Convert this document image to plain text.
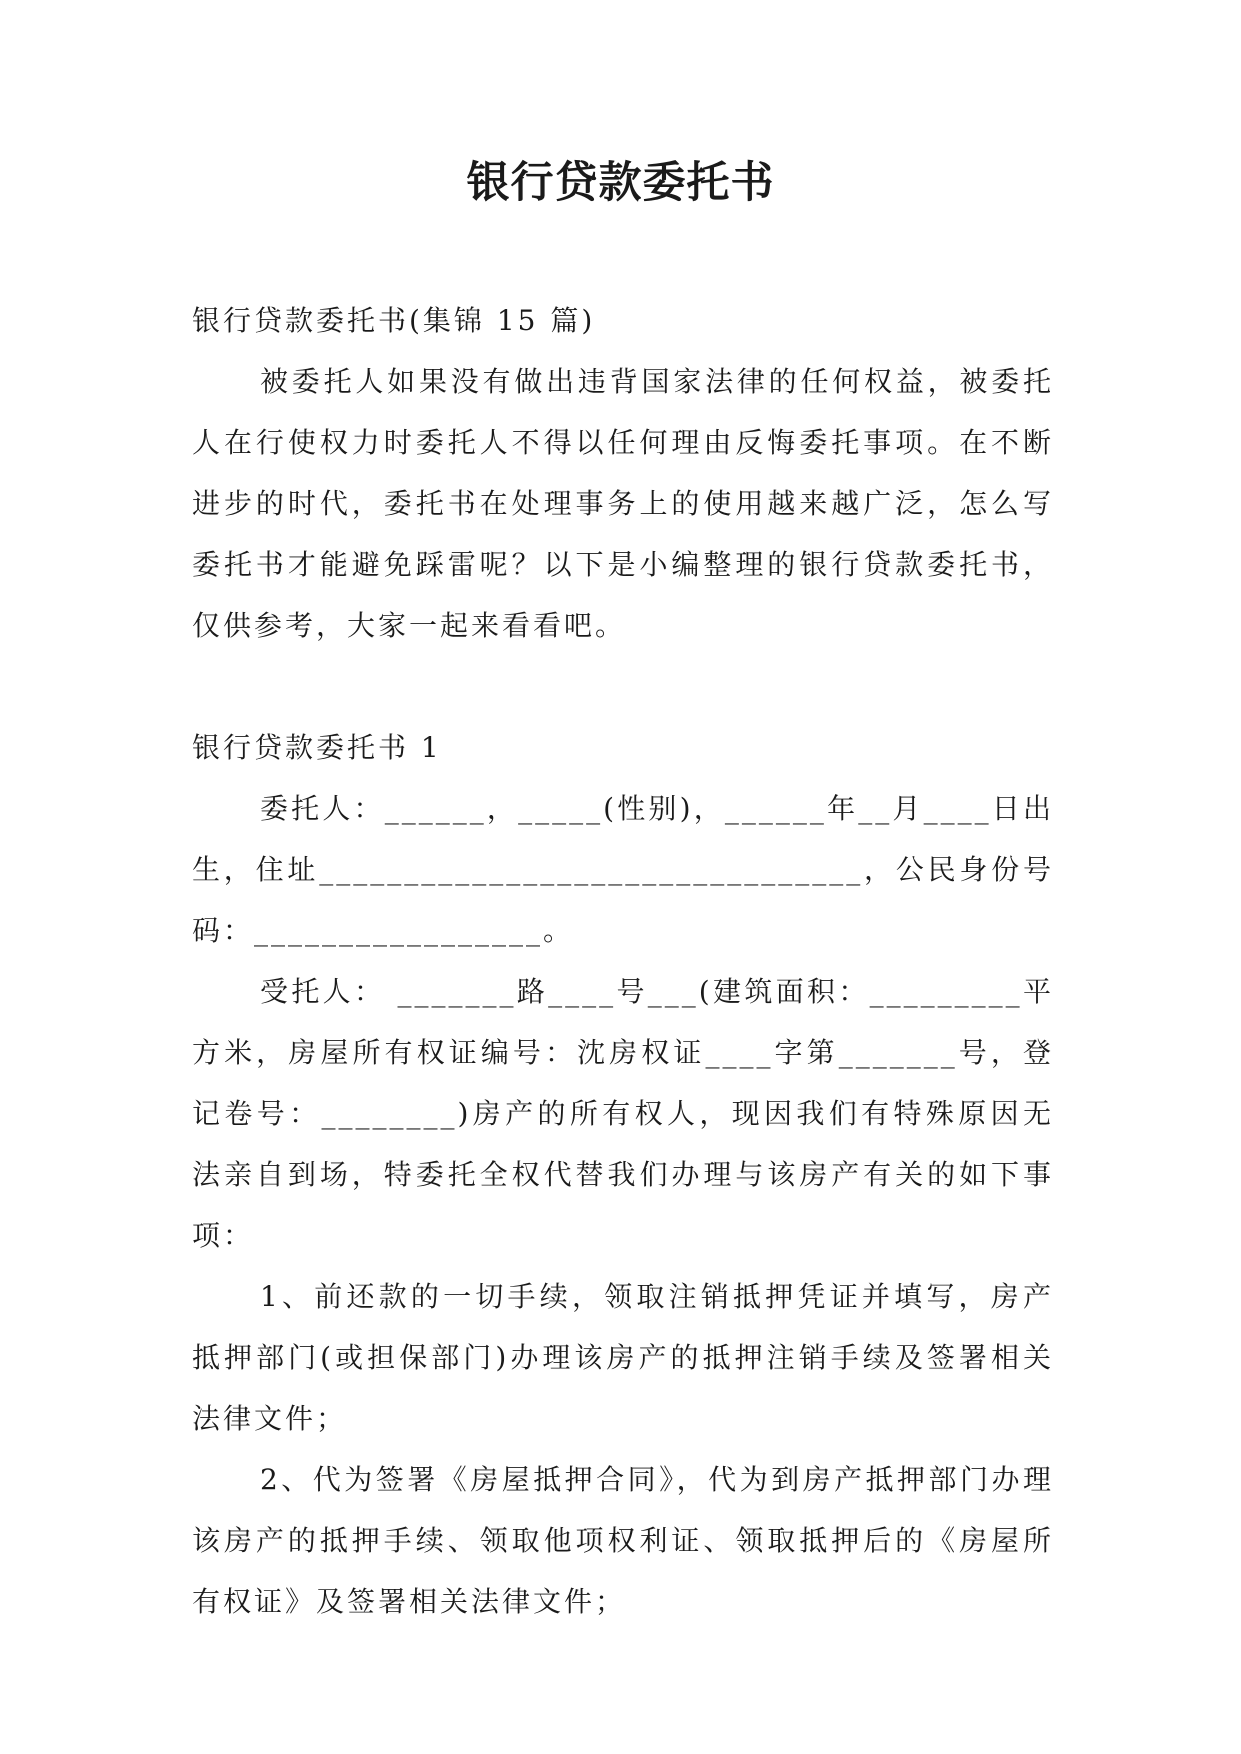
银行贷款委托书

银行贷款委托书(集锦 15 篇)

被委托人如果没有做出违背国家法律的任何权益，被委托人在行使权力时委托人不得以任何理由反悔委托事项。在不断进步的时代，委托书在处理事务上的使用越来越广泛，怎么写委托书才能避免踩雷呢？以下是小编整理的银行贷款委托书，仅供参考，大家一起来看看吧。

银行贷款委托书 1

委托人：______，_____(性别)，______年__月____日出生，住址________________________________，公民身份号码：_________________。

受托人： _______路____号___(建筑面积：_________平方米，房屋所有权证编号：沈房权证____字第_______号，登记卷号：________)房产的所有权人，现因我们有特殊原因无法亲自到场，特委托全权代替我们办理与该房产有关的如下事项：

1、前还款的一切手续，领取注销抵押凭证并填写，房产抵押部门(或担保部门)办理该房产的抵押注销手续及签署相关法律文件；

2、代为签署《房屋抵押合同》，代为到房产抵押部门办理该房产的抵押手续、领取他项权利证、领取抵押后的《房屋所有权证》及签署相关法律文件；
